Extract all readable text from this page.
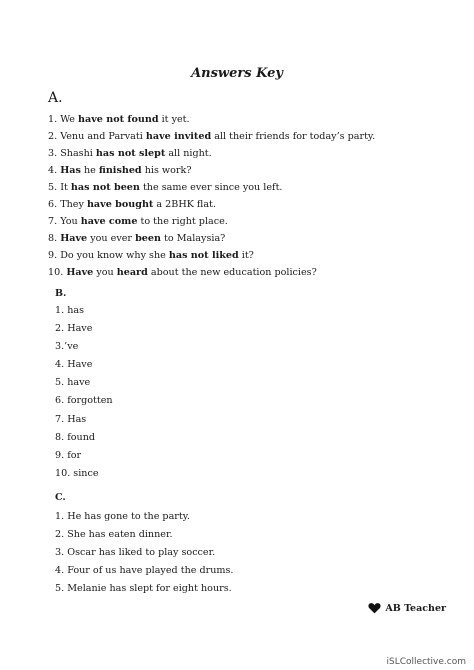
Answers Key
A.
1. We have not found it yet.
2. Venu and Parvati have invited all their friends for today’s party.
3. Shashi has not slept all night.
4. Has he finished his work?
5. It has not been the same ever since you left.
6. They have bought a 2BHK flat.
7. You have come to the right place.
8. Have you ever been to Malaysia?
9. Do you know why she has not liked it?
10. Have you heard about the new education policies?
B.
1. has
2. Have
3.’ve
4. Have
5. have
6. forgotten
7. Has
8. found
9. for
10. since
C.
1. He has gone to the party.
2. She has eaten dinner.
3. Oscar has liked to play soccer.
4. Four of us have played the drums.
5. Melanie has slept for eight hours.
AB Teacher
iSLCollective.com
